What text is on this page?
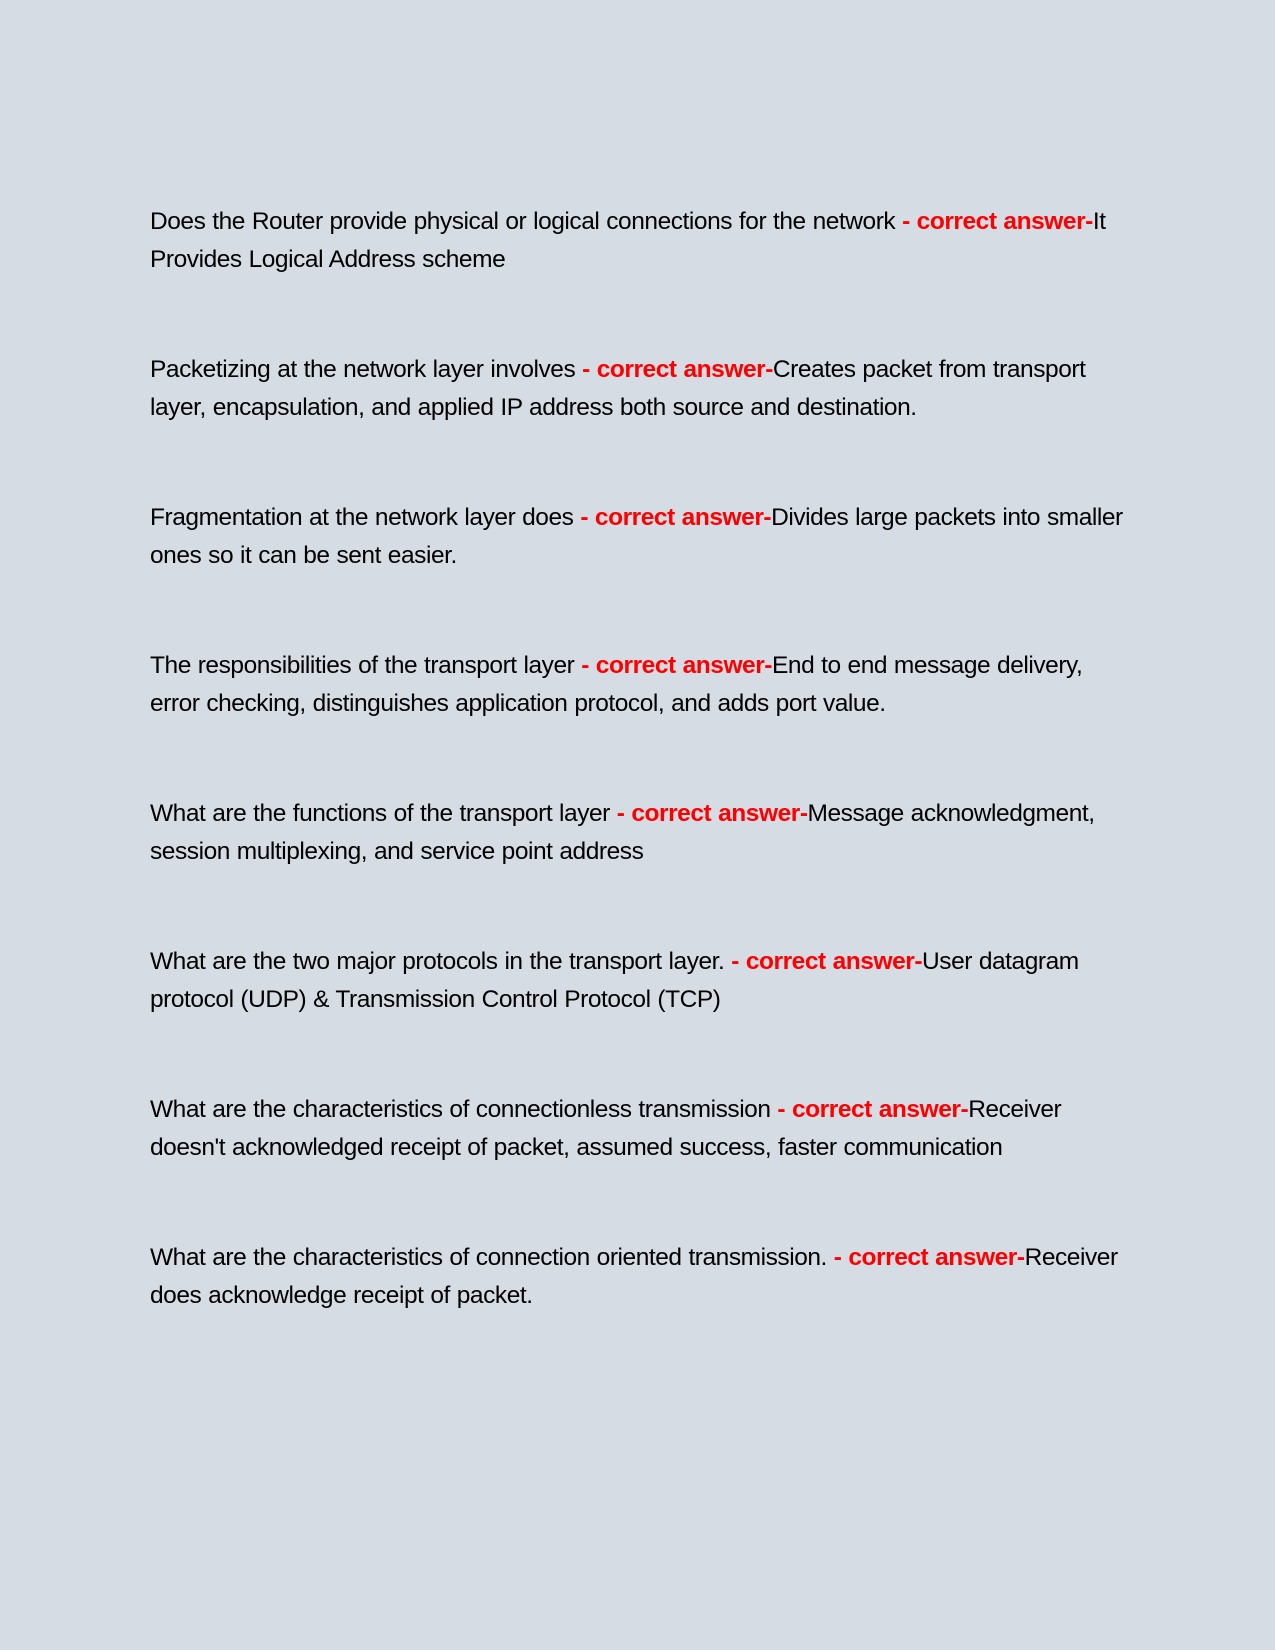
Does the Router provide physical or logical connections for the network - correct answer-It Provides Logical Address scheme

Packetizing at the network layer involves - correct answer-Creates packet from transport layer, encapsulation, and applied IP address both source and destination.

Fragmentation at the network layer does - correct answer-Divides large packets into smaller ones so it can be sent easier.

The responsibilities of the transport layer - correct answer-End to end message delivery, error checking, distinguishes application protocol, and adds port value.

What are the functions of the transport layer - correct answer-Message acknowledgment, session multiplexing, and service point address

What are the two major protocols in the transport layer. - correct answer-User datagram protocol (UDP) & Transmission Control Protocol (TCP)

What are the characteristics of connectionless transmission - correct answer-Receiver doesn't acknowledged receipt of packet, assumed success, faster communication

What are the characteristics of connection oriented transmission. - correct answer-Receiver does acknowledge receipt of packet.
